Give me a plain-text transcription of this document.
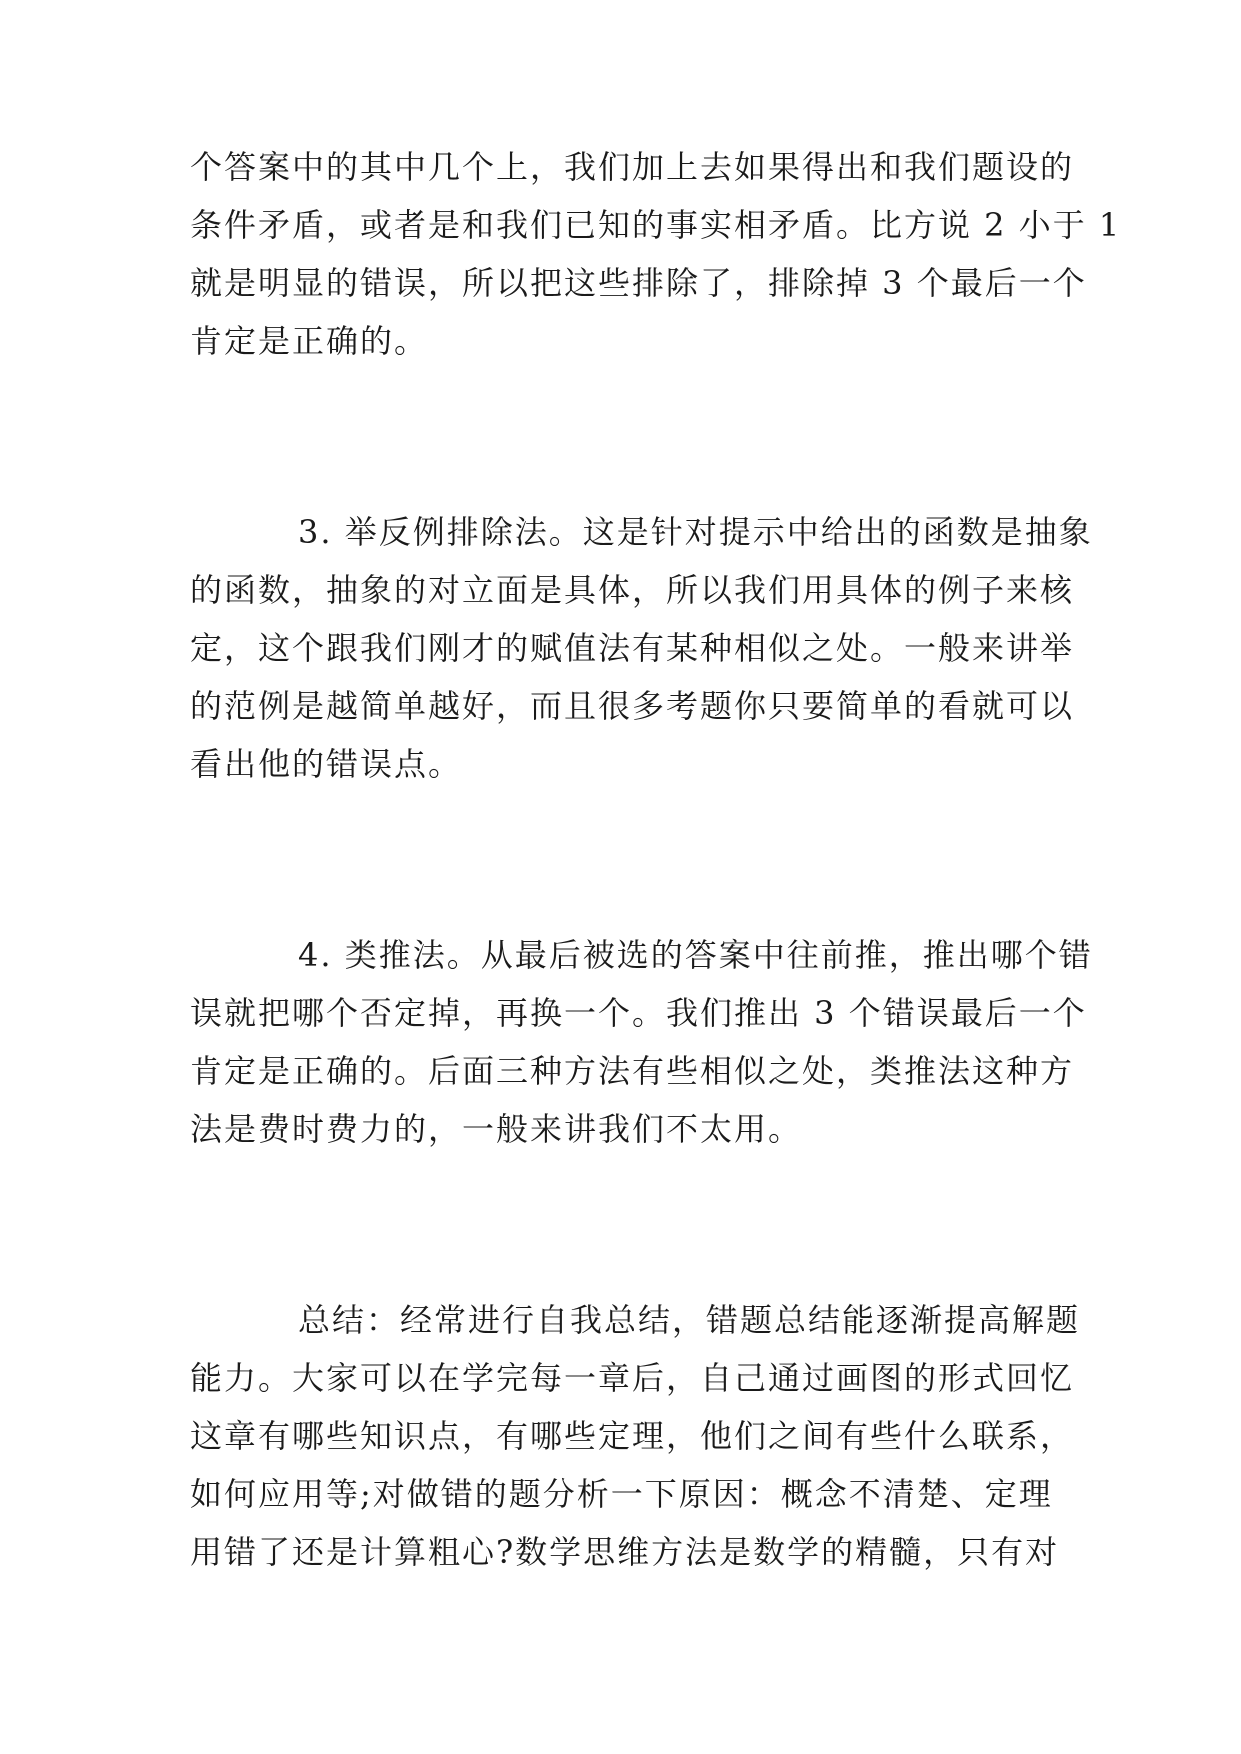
个答案中的其中几个上，我们加上去如果得出和我们题设的
条件矛盾，或者是和我们已知的事实相矛盾。比方说 2 小于 1
就是明显的错误，所以把这些排除了，排除掉 3 个最后一个
肯定是正确的。
3. 举反例排除法。这是针对提示中给出的函数是抽象
的函数，抽象的对立面是具体，所以我们用具体的例子来核
定，这个跟我们刚才的赋值法有某种相似之处。一般来讲举
的范例是越简单越好，而且很多考题你只要简单的看就可以
看出他的错误点。
4. 类推法。从最后被选的答案中往前推，推出哪个错
误就把哪个否定掉，再换一个。我们推出 3 个错误最后一个
肯定是正确的。后面三种方法有些相似之处，类推法这种方
法是费时费力的，一般来讲我们不太用。
总结：经常进行自我总结，错题总结能逐渐提高解题
能力。大家可以在学完每一章后，自己通过画图的形式回忆
这章有哪些知识点，有哪些定理，他们之间有些什么联系，
如何应用等;对做错的题分析一下原因：概念不清楚、定理
用错了还是计算粗心?数学思维方法是数学的精髓，只有对
